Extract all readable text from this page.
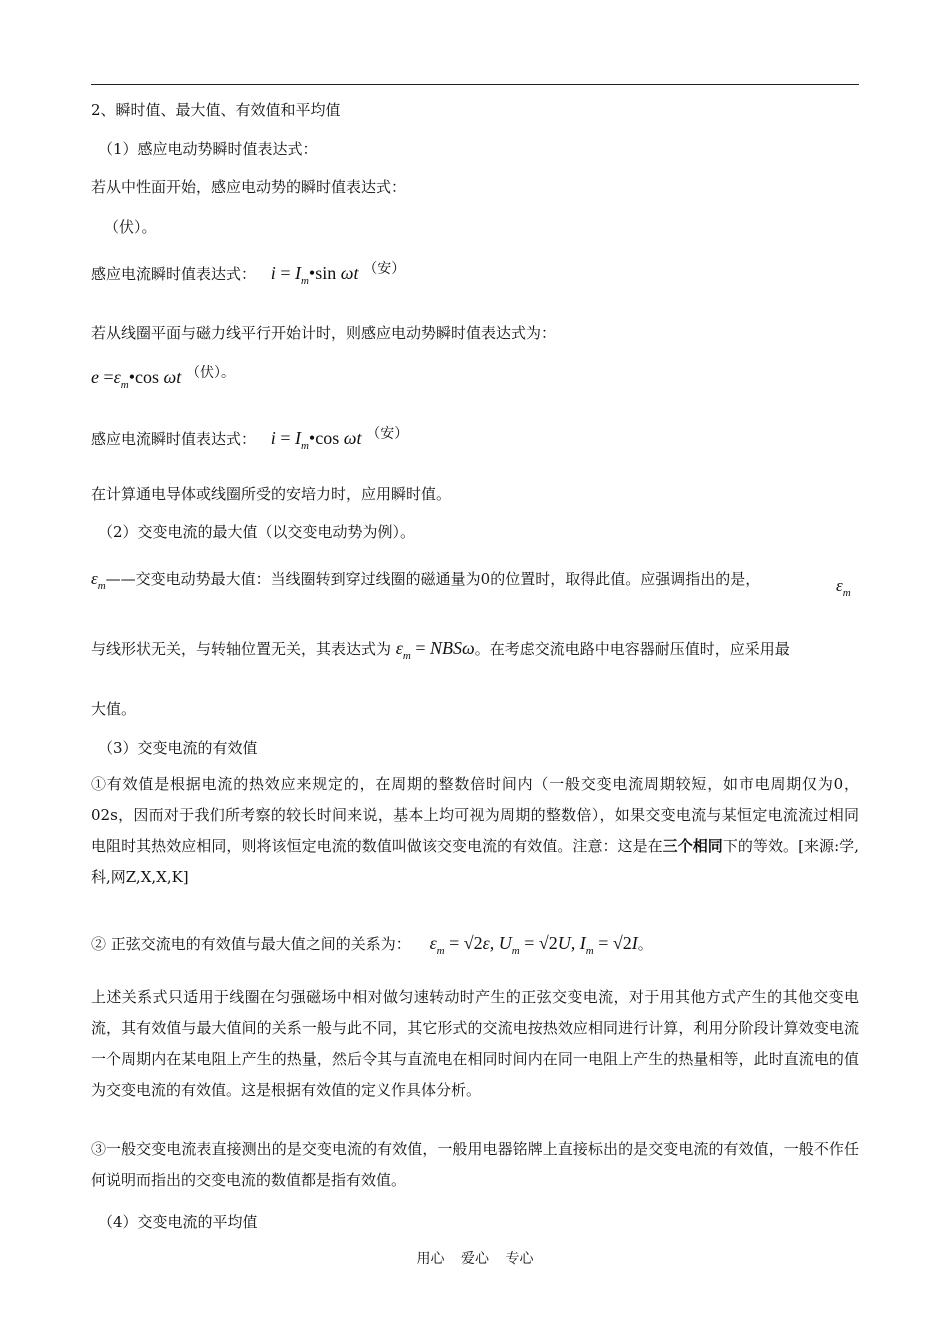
2、瞬时值、最大值、有效值和平均值
（1）感应电动势瞬时值表达式：
若从中性面开始，感应电动势的瞬时值表达式：
（伏）。
感应电流瞬时值表达式： $i = I_m•\sin$ ωt （安）
若从线圈平面与磁力线平行开始计时，则感应电动势瞬时值表达式为：
$e =\varepsilon_m•\cos$ ωt （伏）。
感应电流瞬时值表达式： $i = I_m•\cos$ ωt （安）
在计算通电导体或线圈所受的安培力时，应用瞬时值。
（2）交变电流的最大值（以交变电动势为例）。
$\varepsilon_m——$交变电动势最大值：当线圈转到穿过线圈的磁通量为0的位置时，取得此值。应强调指出的是，	$\varepsilon_m$
与线形状无关，与转轴位置无关，其表达式为 $\varepsilon_m = NBS\omega$。在考虑交流电路中电容器耐压值时，应采用最
大值。
（3）交变电流的有效值
①有效值是根据电流的热效应来规定的，在周期的整数倍时间内（一般交变电流周期较短，如市电周期仅为0，02s，因而对于我们所考察的较长时间来说，基本上均可视为周期的整数倍），如果交变电流与某恒定电流流过相同电阻时其热效应相同，则将该恒定电流的数值叫做该交变电流的有效值。注意：这是在三个相同下的等效。[来源:学,科,网Z,X,X,K]
② 正弦交流电的有效值与最大值之间的关系为： $\varepsilon_m = √2\varepsilon$, $U_m = √2U$, $I_m = √2I$。
上述关系式只适用于线圈在匀强磁场中相对做匀速转动时产生的正弦交变电流，对于用其他方式产生的其他交变电流，其有效值与最大值间的关系一般与此不同，其它形式的交流电按热效应相同进行计算，利用分阶段计算效变电流一个周期内在某电阻上产生的热量，然后令其与直流电在相同时间内在同一电阻上产生的热量相等，此时直流电的值为交变电流的有效值。这是根据有效值的定义作具体分析。
③一般交变电流表直接测出的是交变电流的有效值，一般用电器铭牌上直接标出的是交变电流的有效值，一般不作任何说明而指出的交变电流的数值都是指有效值。
（4）交变电流的平均值
用心 爱心 专心
